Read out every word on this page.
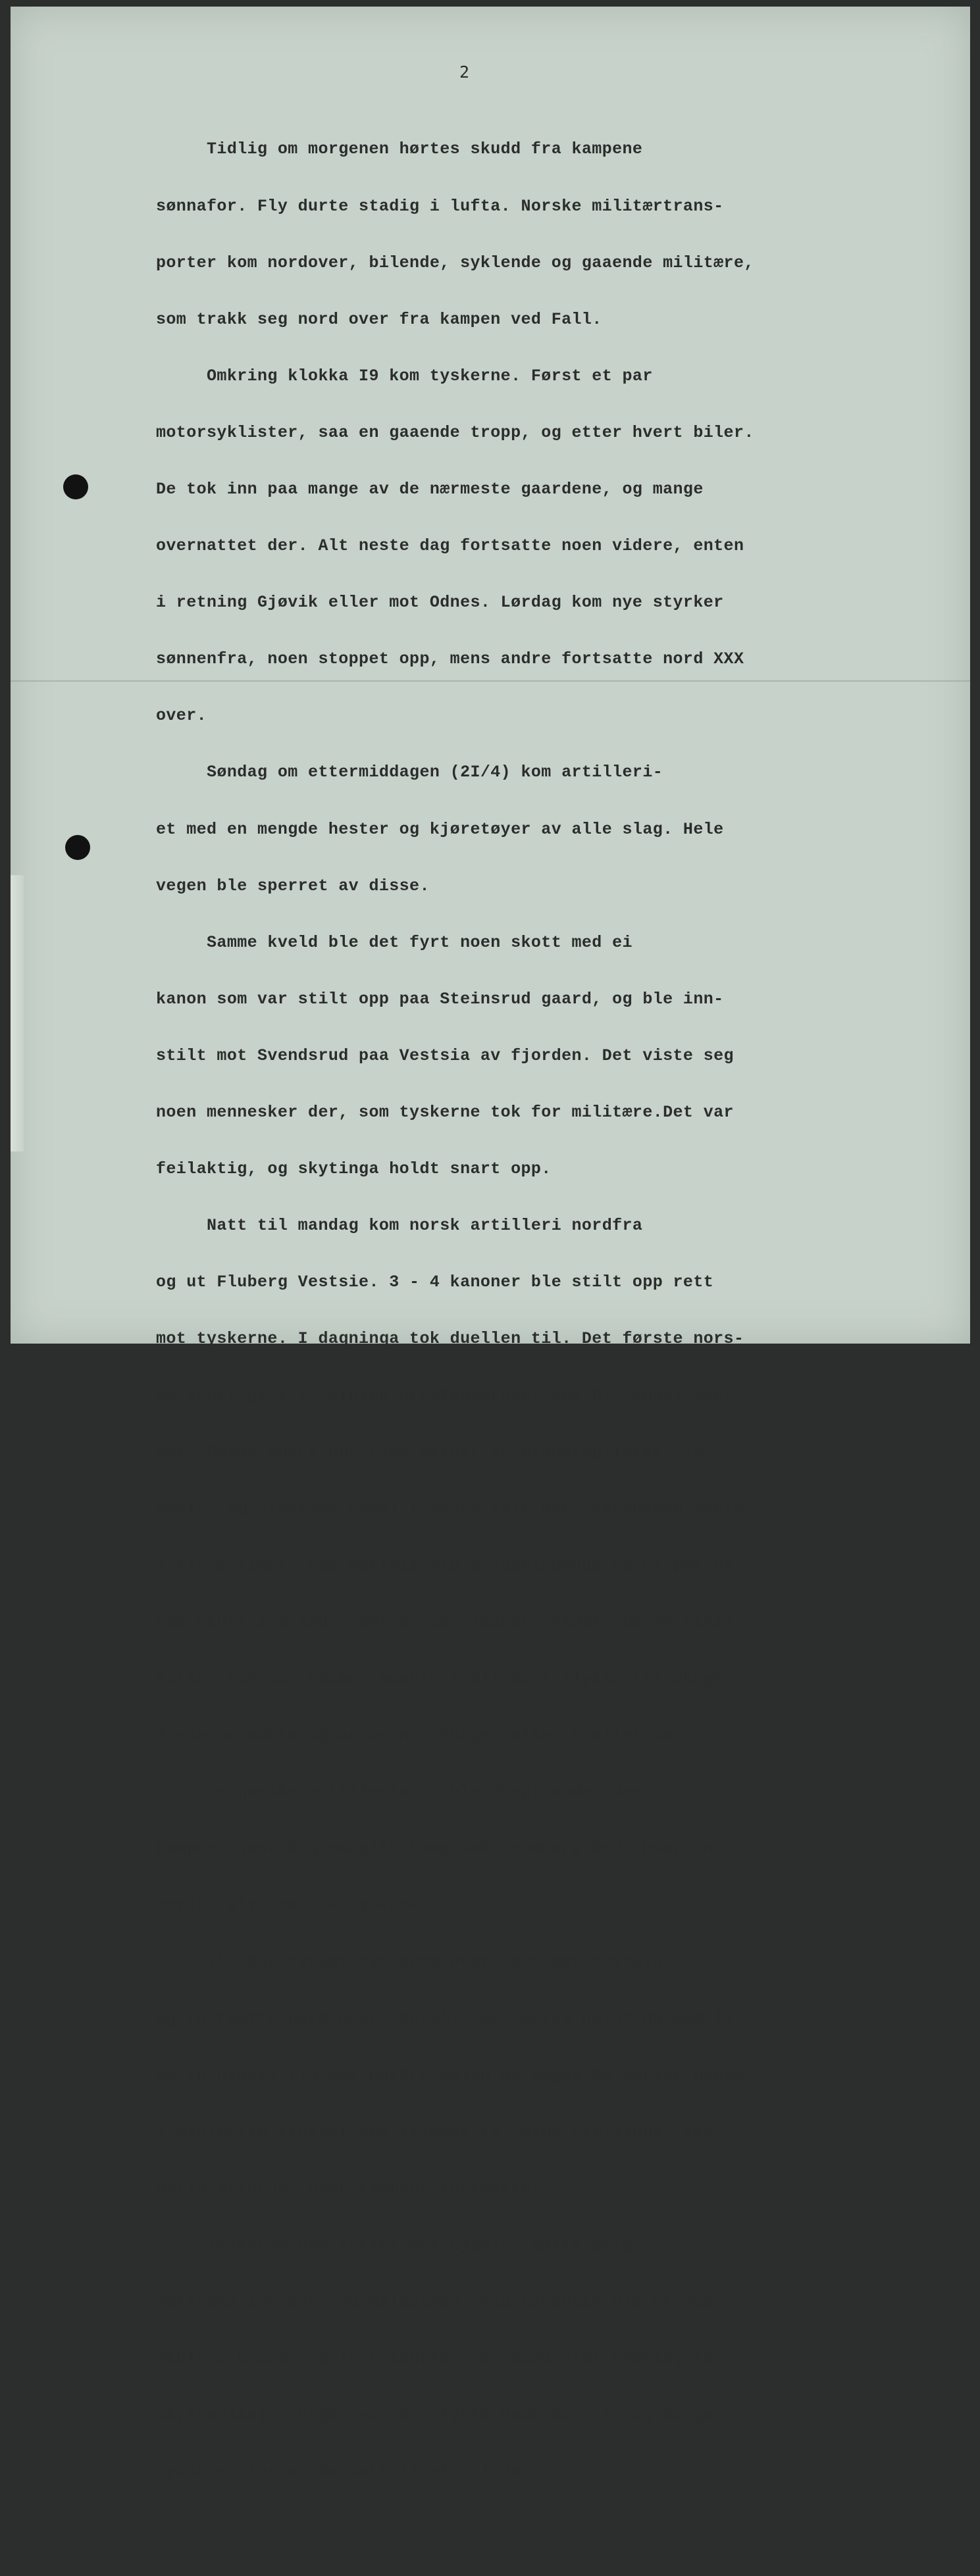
2

Tidlig om morgenen hørtes skudd fra kampene

sønnafor. Fly durte stadig i lufta. Norske militærtrans-

porter kom nordover, bilende, syklende og gaaende militære,

som trakk seg nord over fra kampen ved Fall.

Omkring klokka I9 kom tyskerne. Først et par

motorsyklister, saa en gaaende tropp, og etter hvert biler.

De tok inn paa mange av de nærmeste gaardene, og mange

overnattet der. Alt neste dag fortsatte noen videre, enten

i retning Gjøvik eller mot Odnes. Lørdag kom nye styrker

sønnenfra, noen stoppet opp, mens andre fortsatte nord XXX

over.

Søndag om ettermiddagen (2I/4) kom artilleri-

et med en mengde hester og kjøretøyer av alle slag. Hele

vegen ble sperret av disse.

Samme kveld ble det fyrt noen skott med ei

kanon som var stilt opp paa Steinsrud gaard, og ble inn-

stilt mot Svendsrud paa Vestsia av fjorden. Det viste seg

noen mennesker der, som tyskerne tok for militære.Det var

feilaktig, og skytinga holdt snart opp.

Natt til mandag kom norsk artilleri nordfra

og ut Fluberg Vestsie. 3 - 4 kanoner ble stilt opp rett

mot tyskerne. I dagninga tok duellen til. Det første nors-

ke skott gikk i retning prestegaarden, som ble endel ska-

det. Ogsaa andre hus fikk merker av granatsplinter. To

hester og visstnok endel tyskere falt der. Kanonaden varte

i flere timer. Paa Vestsia ble 2 vaaningshus og et par ut-

hus skutt i brand, samt et par laaver skadet. De av sivil-

folket som var heime, maatte i all hast flykte til skogs.

Tyskerne søkte ogsaa vern i skogen eller kjellerrom.

To norske artillerister ble drept under den

kampen. Samtidig paagikk kamp ved Kromberg bru, hvor én

norsk falt, ca. 30 tyskere.

Tirsdag rykket tyskerne over isen mot Vestsia

og fortsatte nord over. Artilleriet deres holdt da ved li-

ke en hissig ild mot nordre delen av bygda.De norske hadde

i midlertid trukket seg tilbake til sine stillinger ved

Høljarastbrua, hvor kampene fortsatte.

Tyskerne som rykket mot Gjøvik, møtte seig

motstand inn over Vardalsaasen. Paa Landheim ble et hus

skutt i brand, og litt innafor var hogd stor rydning for

skytterlinje. Vegen var et stykke underminert, og mange

tyskere sies aa ha satt livet til der.

-----
